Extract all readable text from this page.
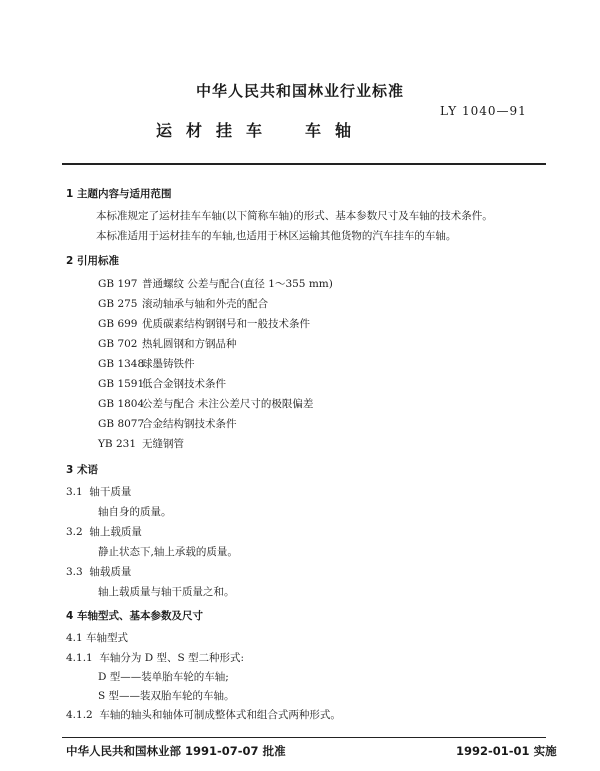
中华人民共和国林业行业标准
LY 1040—91
运材挂车 车轴
1 主题内容与适用范围
本标准规定了运材挂车车轴(以下简称车轴)的形式、基本参数尺寸及车轴的技术条件。
本标准适用于运材挂车的车轴,也适用于林区运输其他货物的汽车挂车的车轴。
2 引用标准
GB 197 普通螺纹 公差与配合(直径 1～355 mm)
GB 275 滚动轴承与轴和外壳的配合
GB 699 优质碳素结构钢钢号和一般技术条件
GB 702 热轧圆钢和方钢品种
GB 1348球墨铸铁件
GB 1591低合金钢技术条件
GB 1804公差与配合 未注公差尺寸的极限偏差
GB 8077合金结构钢技术条件
YB 231 无缝钢管
3 术语
3.1 轴干质量
轴自身的质量。
3.2 轴上载质量
静止状态下,轴上承载的质量。
3.3 轴载质量
轴上载质量与轴干质量之和。
4 车轴型式、基本参数及尺寸
4.1 车轴型式
4.1.1 车轴分为 D 型、S 型二种形式:
D 型——装单胎车轮的车轴;
S 型——装双胎车轮的车轴。
4.1.2 车轴的轴头和轴体可制成整体式和组合式两种形式。
中华人民共和国林业部 1991-07-07 批准	1992-01-01 实施
